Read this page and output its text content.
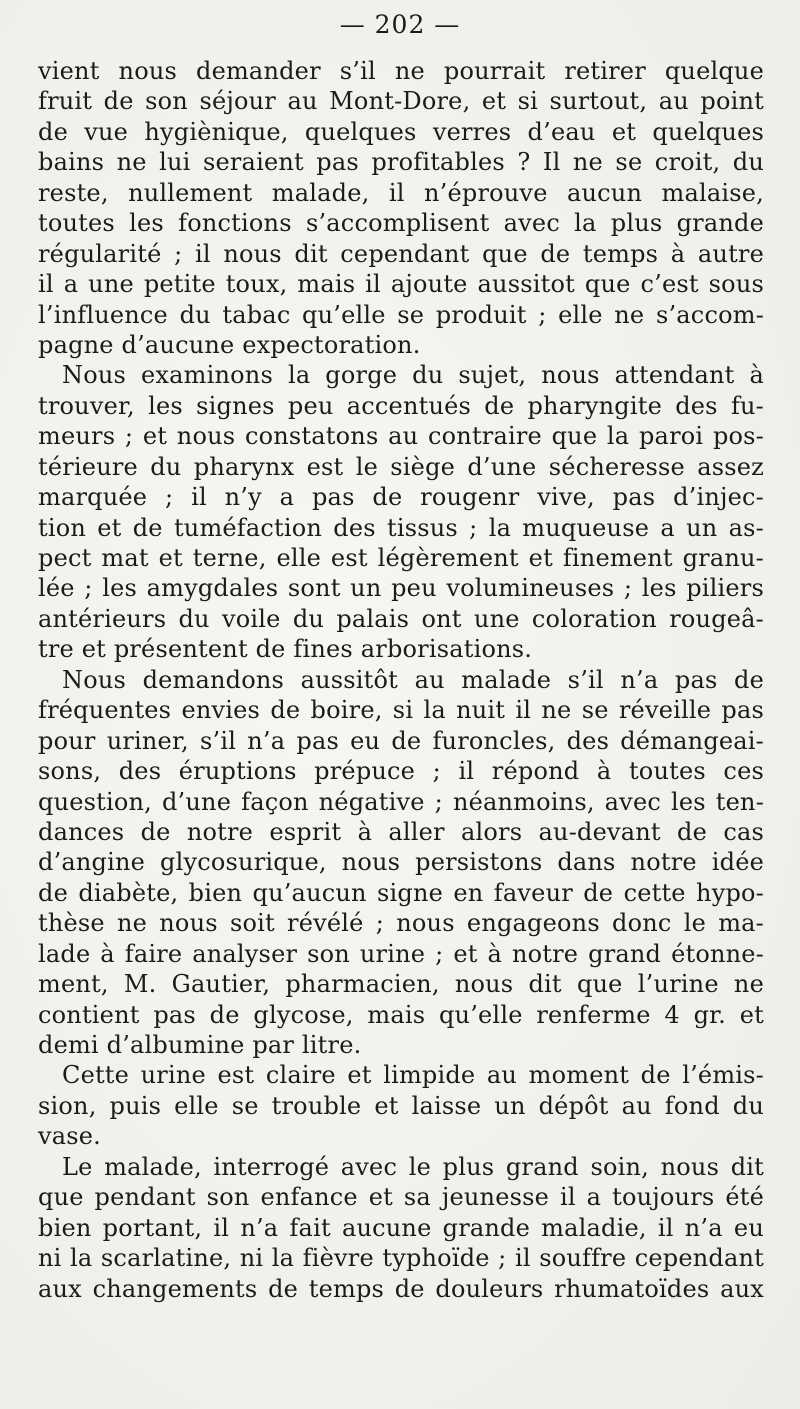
— 202 —
vient nous demander s’il ne pourrait retirer quelque
fruit de son séjour au Mont-Dore, et si surtout, au point
de vue hygiènique, quelques verres d’eau et quelques
bains ne lui seraient pas profitables ? Il ne se croit, du
reste, nullement malade, il n’éprouve aucun malaise,
toutes les fonctions s’accomplisent avec la plus grande
régularité ; il nous dit cependant que de temps à autre
il a une petite toux, mais il ajoute aussitot que c’est sous
l’influence du tabac qu’elle se produit ; elle ne s’accom-
pagne d’aucune expectoration.
Nous examinons la gorge du sujet, nous attendant à
trouver, les signes peu accentués de pharyngite des fu-
meurs ; et nous constatons au contraire que la paroi pos-
térieure du pharynx est le siège d’une sécheresse assez
marquée ; il n’y a pas de rougenr vive, pas d’injec-
tion et de tuméfaction des tissus ; la muqueuse a un as-
pect mat et terne, elle est légèrement et finement granu-
lée ; les amygdales sont un peu volumineuses ; les piliers
antérieurs du voile du palais ont une coloration rougeâ-
tre et présentent de fines arborisations.
Nous demandons aussitôt au malade s’il n’a pas de
fréquentes envies de boire, si la nuit il ne se réveille pas
pour uriner, s’il n’a pas eu de furoncles, des démangeai-
sons, des éruptions prépuce ; il répond à toutes ces
question, d’une façon négative ; néanmoins, avec les ten-
dances de notre esprit à aller alors au-devant de cas
d’angine glycosurique, nous persistons dans notre idée
de diabète, bien qu’aucun signe en faveur de cette hypo-
thèse ne nous soit révélé ; nous engageons donc le ma-
lade à faire analyser son urine ; et à notre grand étonne-
ment, M. Gautier, pharmacien, nous dit que l’urine ne
contient pas de glycose, mais qu’elle renferme 4 gr. et
demi d’albumine par litre.
Cette urine est claire et limpide au moment de l’émis-
sion, puis elle se trouble et laisse un dépôt au fond du
vase.
Le malade, interrogé avec le plus grand soin, nous dit
que pendant son enfance et sa jeunesse il a toujours été
bien portant, il n’a fait aucune grande maladie, il n’a eu
ni la scarlatine, ni la fièvre typhoïde ; il souffre cependant
aux changements de temps de douleurs rhumatoïdes aux
